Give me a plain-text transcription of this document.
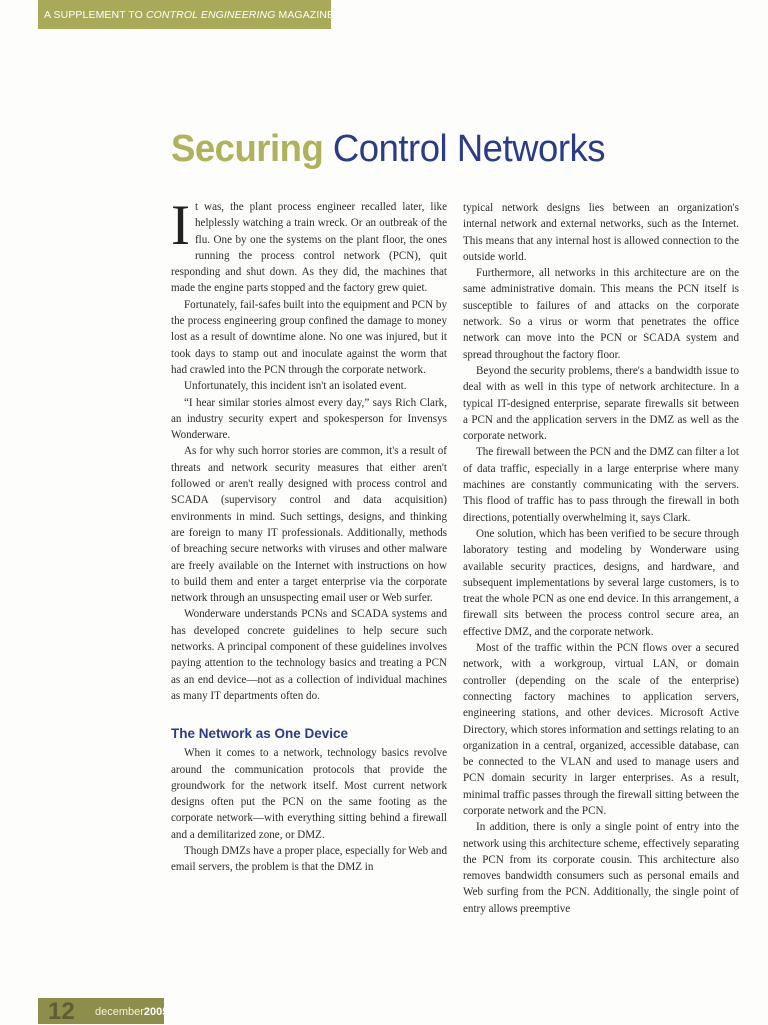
A SUPPLEMENT TO CONTROL ENGINEERING MAGAZINE
Securing Control Networks

It was, the plant process engineer recalled later, like helplessly watching a train wreck. Or an outbreak of the flu. One by one the systems on the plant floor, the ones running the process control network (PCN), quit responding and shut down. As they did, the machines that made the engine parts stopped and the factory grew quiet.

Fortunately, fail-safes built into the equipment and PCN by the process engineering group confined the damage to money lost as a result of downtime alone. No one was injured, but it took days to stamp out and inoculate against the worm that had crawled into the PCN through the corporate network.

Unfortunately, this incident isn't an isolated event.

“I hear similar stories almost every day,” says Rich Clark, an industry security expert and spokesperson for Invensys Wonderware.

As for why such horror stories are common, it's a result of threats and network security measures that either aren't followed or aren't really designed with process control and SCADA (supervisory control and data acquisition) environments in mind. Such settings, designs, and thinking are foreign to many IT professionals. Additionally, methods of breaching secure networks with viruses and other malware are freely available on the Internet with instructions on how to build them and enter a target enterprise via the corporate network through an unsuspecting email user or Web surfer.

Wonderware understands PCNs and SCADA systems and has developed concrete guidelines to help secure such networks. A principal component of these guidelines involves paying attention to the technology basics and treating a PCN as an end device—not as a collection of individual machines as many IT departments often do.

The Network as One Device

When it comes to a network, technology basics revolve around the communication protocols that provide the groundwork for the network itself. Most current network designs often put the PCN on the same footing as the corporate network—with everything sitting behind a firewall and a demilitarized zone, or DMZ.

Though DMZs have a proper place, especially for Web and email servers, the problem is that the DMZ in

typical network designs lies between an organization's internal network and external networks, such as the Internet. This means that any internal host is allowed connection to the outside world.

Furthermore, all networks in this architecture are on the same administrative domain. This means the PCN itself is susceptible to failures of and attacks on the corporate network. So a virus or worm that penetrates the office network can move into the PCN or SCADA system and spread throughout the factory floor.

Beyond the security problems, there's a bandwidth issue to deal with as well in this type of network architecture. In a typical IT-designed enterprise, separate firewalls sit between a PCN and the application servers in the DMZ as well as the corporate network.

The firewall between the PCN and the DMZ can filter a lot of data traffic, especially in a large enterprise where many machines are constantly communicating with the servers. This flood of traffic has to pass through the firewall in both directions, potentially overwhelming it, says Clark.

One solution, which has been verified to be secure through laboratory testing and modeling by Wonderware using available security practices, designs, and hardware, and subsequent implementations by several large customers, is to treat the whole PCN as one end device. In this arrangement, a firewall sits between the process control secure area, an effective DMZ, and the corporate network.

Most of the traffic within the PCN flows over a secured network, with a workgroup, virtual LAN, or domain controller (depending on the scale of the enterprise) connecting factory machines to application servers, engineering stations, and other devices. Microsoft Active Directory, which stores information and settings relating to an organization in a central, organized, accessible database, can be connected to the VLAN and used to manage users and PCN domain security in larger enterprises. As a result, minimal traffic passes through the firewall sitting between the corporate network and the PCN.

In addition, there is only a single point of entry into the network using this architecture scheme, effectively separating the PCN from its corporate cousin. This architecture also removes bandwidth consumers such as personal emails and Web surfing from the PCN. Additionally, the single point of entry allows preemptive

12 december2005
